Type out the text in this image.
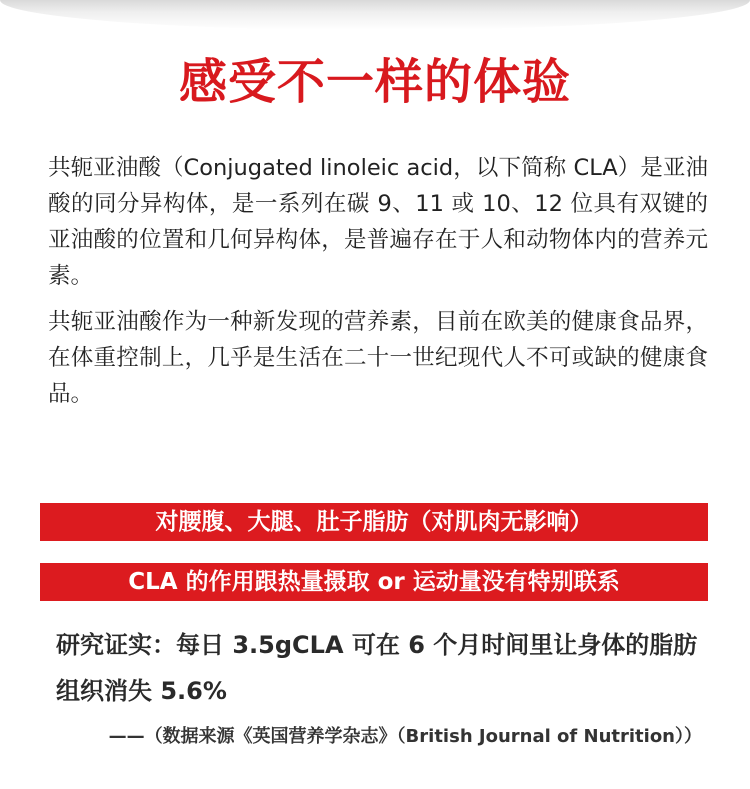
感受不一样的体验

共轭亚油酸（Conjugated linoleic acid，以下简称 CLA）是亚油酸的同分异构体，是一系列在碳 9、11 或 10、12 位具有双键的亚油酸的位置和几何异构体，是普遍存在于人和动物体内的营养元素。

共轭亚油酸作为一种新发现的营养素，目前在欧美的健康食品界，在体重控制上，几乎是生活在二十一世纪现代人不可或缺的健康食品。

对腰腹、大腿、肚子脂肪（对肌肉无影响）
CLA 的作用跟热量摄取 or 运动量没有特别联系
研究证实：每日 3.5gCLA 可在 6 个月时间里让身体的脂肪组织消失 5.6%
——（数据来源《英国营养学杂志》（British Journal of Nutrition））
